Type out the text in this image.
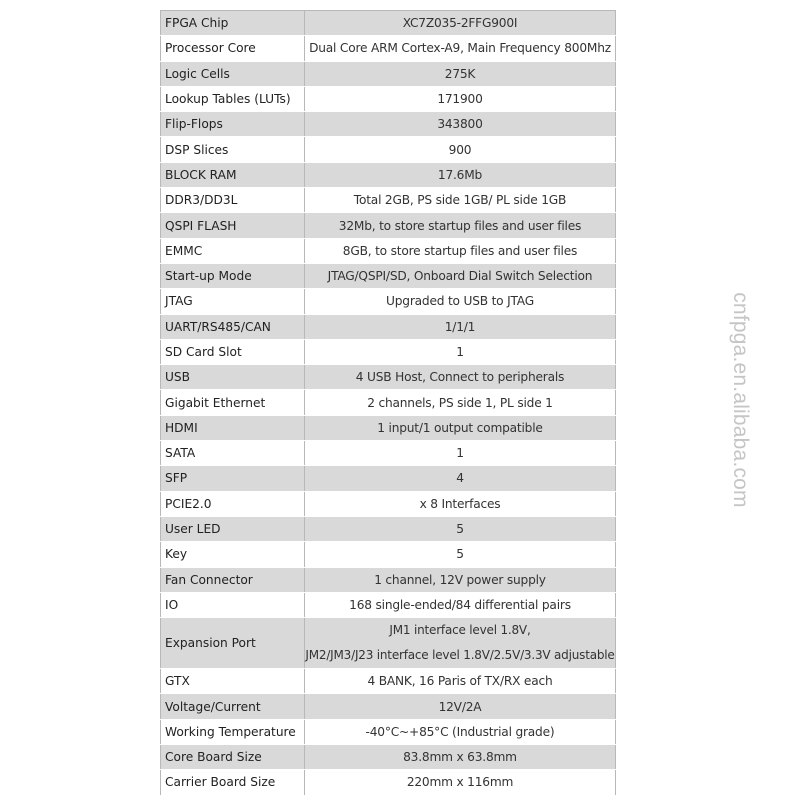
FPGA Chip	XC7Z035-2FFG900I
Processor Core	Dual Core ARM Cortex-A9, Main Frequency 800Mhz
Logic Cells	275K
Lookup Tables (LUTs)	171900
Flip-Flops	343800
DSP Slices	900
BLOCK RAM	17.6Mb
DDR3/DD3L	Total 2GB, PS side 1GB/ PL side 1GB
QSPI FLASH	32Mb, to store startup files and user files
EMMC	8GB, to store startup files and user files
Start-up Mode	JTAG/QSPI/SD, Onboard Dial Switch Selection
JTAG	Upgraded to USB to JTAG
UART/RS485/CAN	1/1/1
SD Card Slot	1
USB	4 USB Host, Connect to peripherals
Gigabit Ethernet	2 channels, PS side 1, PL side 1
HDMI	1 input/1 output compatible
SATA	1
SFP	4
PCIE2.0	x 8 Interfaces
User LED	5
Key	5
Fan Connector	1 channel, 12V power supply
IO	168 single-ended/84 differential pairs
Expansion Port	JM1 interface level 1.8V,
JM2/JM3/J23 interface level 1.8V/2.5V/3.3V adjustable

GTX	4 BANK, 16 Paris of TX/RX each
Voltage/Current	12V/2A
Working Temperature	-40°C~+85°C (Industrial grade)
Core Board Size	83.8mm x 63.8mm
Carrier Board Size	220mm x 116mm
cnfpga.en.alibaba.com
